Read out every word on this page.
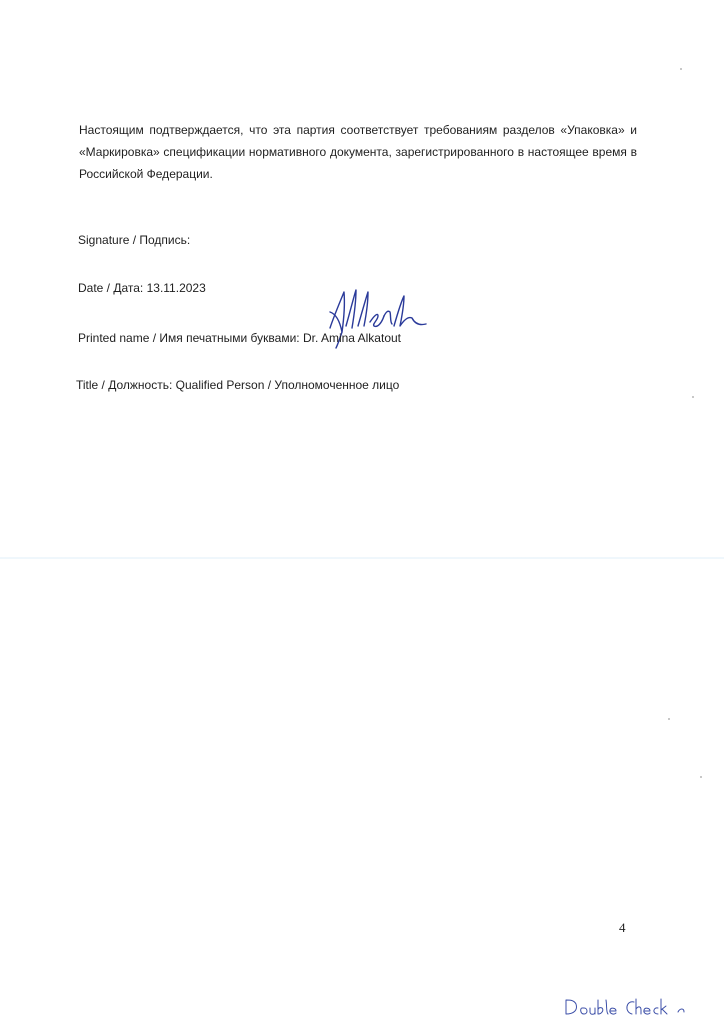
Настоящим подтверждается, что эта партия соответствует требованиям разделов «Упаковка» и «Маркировка» спецификации нормативного документа, зарегистрированного в настоящее время в Российской Федерации.

Signature / Подпись:

Date / Дата: 13.11.2023

Printed name / Имя печатными буквами: Dr. Amina Alkatout

Title / Должность: Qualified Person / Уполномоченное лицо

4
